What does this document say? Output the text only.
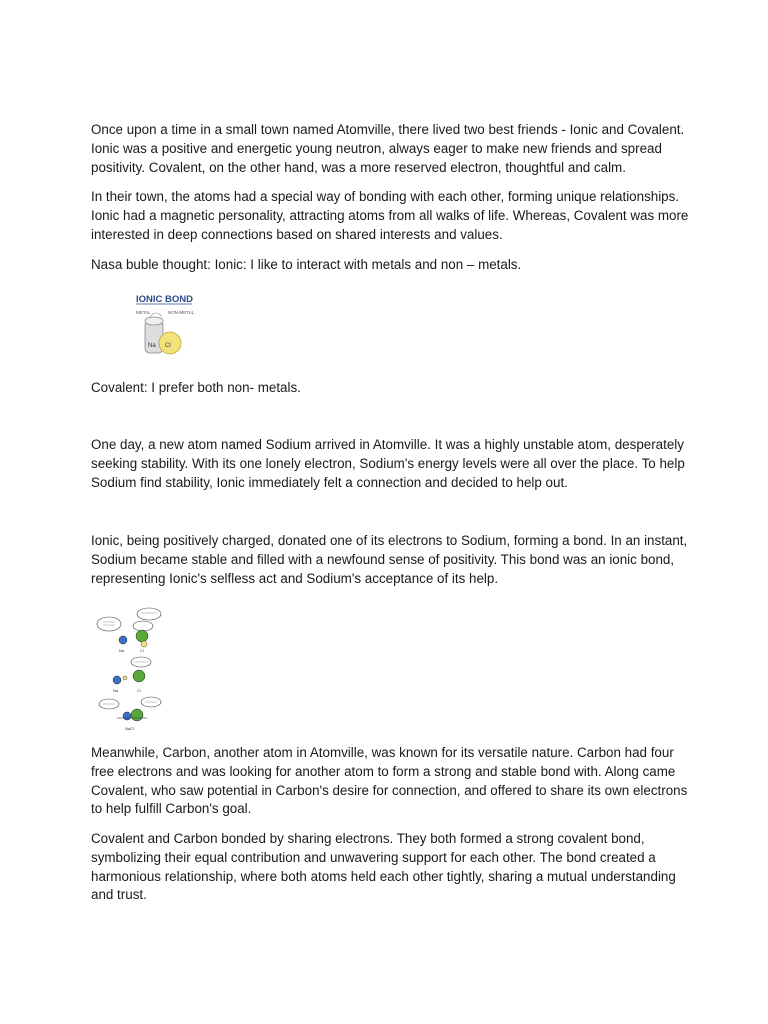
Once upon a time in a small town named Atomville, there lived two best friends - Ionic and Covalent. Ionic was a positive and energetic young neutron, always eager to make new friends and spread positivity. Covalent, on the other hand, was a more reserved electron, thoughtful and calm.

In their town, the atoms had a special way of bonding with each other, forming unique relationships. Ionic had a magnetic personality, attracting atoms from all walks of life. Whereas, Covalent was more interested in deep connections based on shared interests and values.

Nasa buble thought: Ionic: I like to interact with metals and non – metals.

IONIC BOND
METAL	NON-METAL
Na Cl

Covalent: I prefer both non- metals.

One day, a new atom named Sodium arrived in Atomville. It was a highly unstable atom, desperately seeking stability. With its one lonely electron, Sodium's energy levels were all over the place. To help Sodium find stability, Ionic immediately felt a connection and decided to help out.

Ionic, being positively charged, donated one of its electrons to Sodium, forming a bond. In an instant, Sodium became stable and filled with a newfound sense of positivity. This bond was an ionic bond, representing Ionic's selfless act and Sodium's acceptance of its help.

Na	Cl
Na	Cl
NaCl

Meanwhile, Carbon, another atom in Atomville, was known for its versatile nature. Carbon had four free electrons and was looking for another atom to form a strong and stable bond with. Along came Covalent, who saw potential in Carbon's desire for connection, and offered to share its own electrons to help fulfill Carbon's goal.

Covalent and Carbon bonded by sharing electrons. They both formed a strong covalent bond, symbolizing their equal contribution and unwavering support for each other. The bond created a harmonious relationship, where both atoms held each other tightly, sharing a mutual understanding and trust.
